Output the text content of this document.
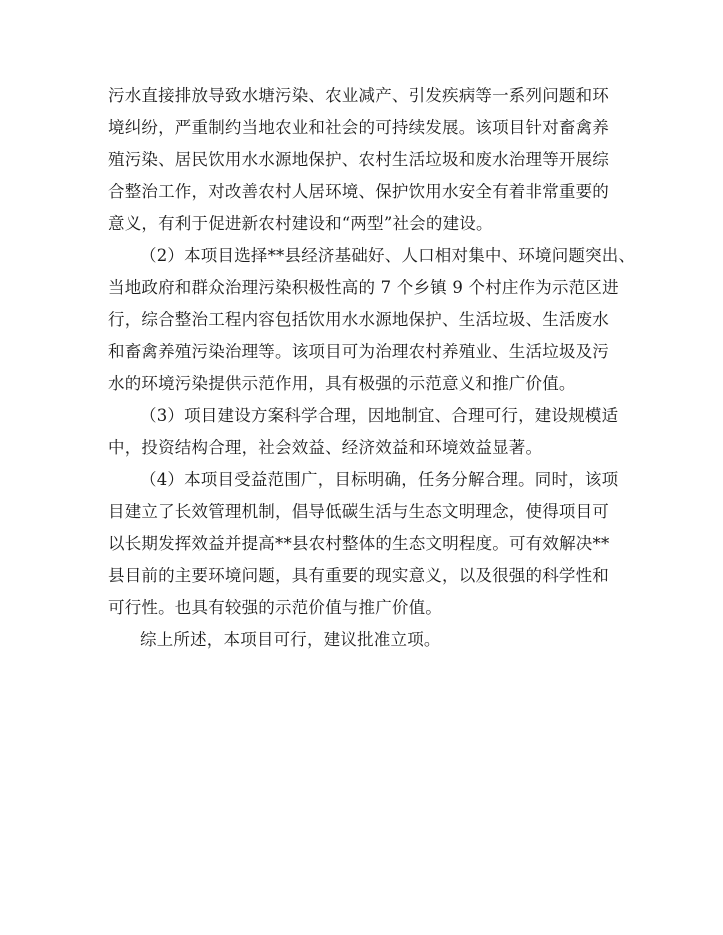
污水直接排放导致水塘污染、农业减产、引发疾病等一系列问题和环
境纠纷，严重制约当地农业和社会的可持续发展。该项目针对畜禽养
殖污染、居民饮用水水源地保护、农村生活垃圾和废水治理等开展综
合整治工作，对改善农村人居环境、保护饮用水安全有着非常重要的
意义，有利于促进新农村建设和“两型”社会的建设。
（2）本项目选择**县经济基础好、人口相对集中、环境问题突出、
当地政府和群众治理污染积极性高的 7 个乡镇 9 个村庄作为示范区进
行，综合整治工程内容包括饮用水水源地保护、生活垃圾、生活废水
和畜禽养殖污染治理等。该项目可为治理农村养殖业、生活垃圾及污
水的环境污染提供示范作用，具有极强的示范意义和推广价值。
（3）项目建设方案科学合理，因地制宜、合理可行，建设规模适
中，投资结构合理，社会效益、经济效益和环境效益显著。
（4）本项目受益范围广，目标明确，任务分解合理。同时，该项
目建立了长效管理机制，倡导低碳生活与生态文明理念，使得项目可
以长期发挥效益并提高**县农村整体的生态文明程度。可有效解决**
县目前的主要环境问题，具有重要的现实意义，以及很强的科学性和
可行性。也具有较强的示范价值与推广价值。
综上所述，本项目可行，建议批准立项。
